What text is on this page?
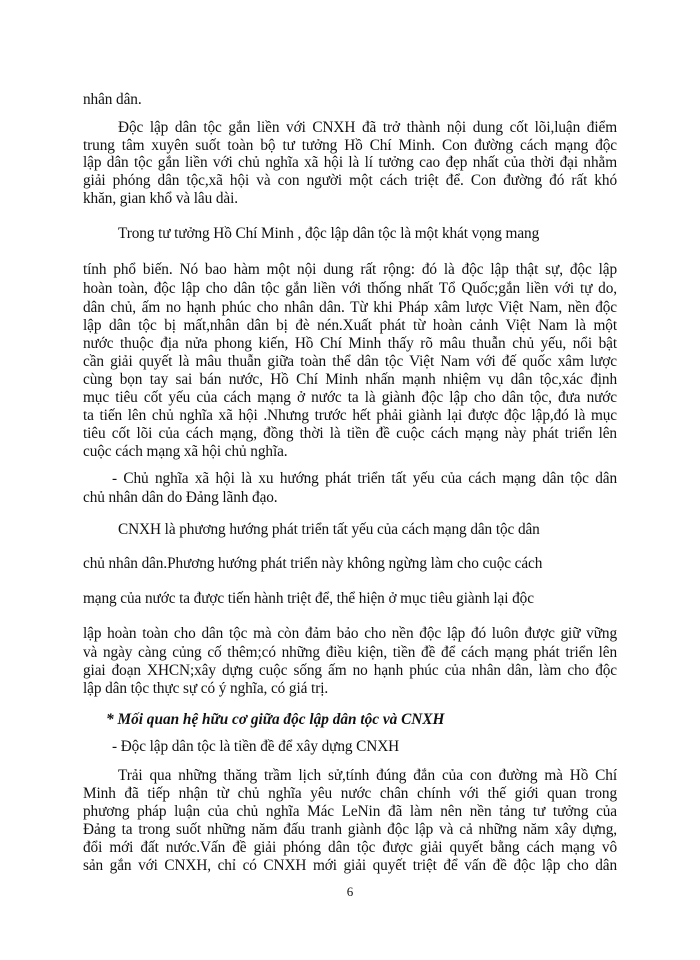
nhân dân.
Độc lập dân tộc gắn liền với CNXH đã trở thành nội dung cốt lõi,luận điểm
trung tâm xuyên suốt toàn bộ tư tưởng Hồ Chí Minh. Con đường cách mạng độc
lập dân tộc gắn liền với chủ nghĩa xã hội là lí tưởng cao đẹp nhất của thời đại nhằm
giải phóng dân tộc,xã hội và con người một cách triệt để. Con đường đó rất khó
khăn, gian khổ và lâu dài.
Trong tư tưởng Hồ Chí Minh , độc lập dân tộc là một khát vọng mang
tính phổ biến. Nó bao hàm một nội dung rất rộng: đó là độc lập thật sự, độc lập
hoàn toàn, độc lập cho dân tộc gắn liền với thống nhất Tổ Quốc;gắn liền với tự do,
dân chủ, ấm no hạnh phúc cho nhân dân. Từ khi Pháp xâm lược Việt Nam, nền độc
lập dân tộc bị mất,nhân dân bị đè nén.Xuất phát từ hoàn cảnh Việt Nam là một
nước thuộc địa nửa phong kiến, Hồ Chí Minh thấy rõ mâu thuẫn chủ yếu, nổi bật
cần giải quyết là mâu thuẫn giữa toàn thể dân tộc Việt Nam với đế quốc xâm lược
cùng bọn tay sai bán nước, Hồ Chí Minh nhấn mạnh nhiệm vụ dân tộc,xác định
mục tiêu cốt yếu của cách mạng ở nước ta là giành độc lập cho dân tộc, đưa nước
ta tiến lên chủ nghĩa xã hội .Nhưng trước hết phải giành lại được độc lập,đó là mục
tiêu cốt lõi của cách mạng, đồng thời là tiền đề cuộc cách mạng này phát triển lên
cuộc cách mạng xã hội chủ nghĩa.
- Chủ nghĩa xã hội là xu hướng phát triển tất yếu của cách mạng dân tộc dân
chủ nhân dân do Đảng lãnh đạo.
CNXH là phương hướng phát triển tất yếu của cách mạng dân tộc dân
chủ nhân dân.Phương hướng phát triển này không ngừng làm cho cuộc cách
mạng của nước ta được tiến hành triệt để, thể hiện ở mục tiêu giành lại độc
lập hoàn toàn cho dân tộc mà còn đảm bảo cho nền độc lập đó luôn được giữ vững
và ngày càng củng cố thêm;có những điều kiện, tiền đề để cách mạng phát triển lên
giai đoạn XHCN;xây dựng cuộc sống ấm no hạnh phúc của nhân dân, làm cho độc
lập dân tộc thực sự có ý nghĩa, có giá trị.
* Mối quan hệ hữu cơ giữa độc lập dân tộc và CNXH
- Độc lập dân tộc là tiền đề để xây dựng CNXH
Trải qua những thăng trầm lịch sử,tính đúng đắn của con đường mà Hồ Chí
Minh đã tiếp nhận từ chủ nghĩa yêu nước chân chính với thế giới quan trong
phương pháp luận của chủ nghĩa Mác LeNin đã làm nên nền tảng tư tưởng của
Đảng ta trong suốt những năm đấu tranh giành độc lập và cả những năm xây dựng,
đổi mới đất nước.Vấn đề giải phóng dân tộc được giải quyết bằng cách mạng vô
sản gắn với CNXH, chỉ có CNXH mới giải quyết triệt để vấn đề độc lập cho dân
6
